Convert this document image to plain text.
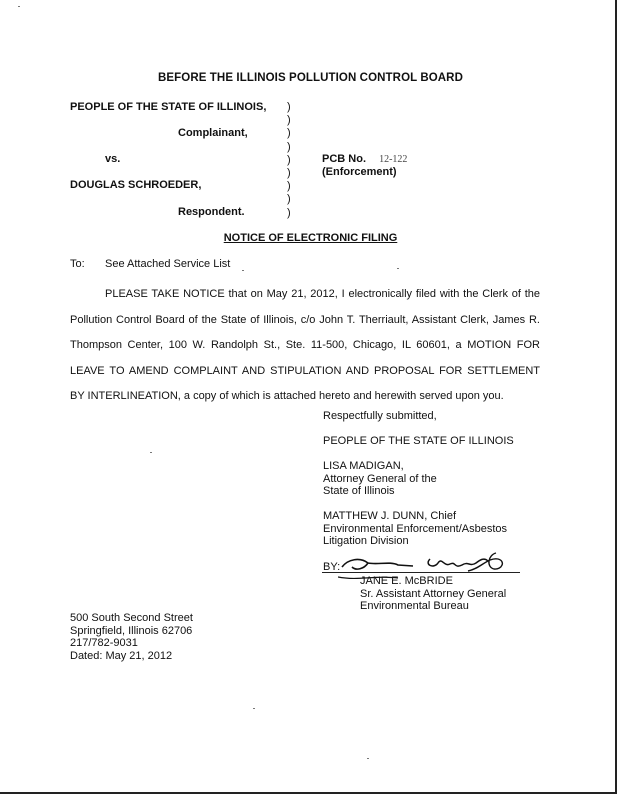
BEFORE THE ILLINOIS POLLUTION CONTROL BOARD
PEOPLE OF THE STATE OF ILLINOIS,
Complainant,
vs.
DOUGLAS SCHROEDER,
Respondent.
)
)
)
)
)
)
)
)
)
PCB No. 12-122
(Enforcement)
NOTICE OF ELECTRONIC FILING
To: See Attached Service List
PLEASE TAKE NOTICE that on May 21, 2012, I electronically filed with the Clerk of the Pollution Control Board of the State of Illinois, c/o John T. Therriault, Assistant Clerk, James R. Thompson Center, 100 W. Randolph St., Ste. 11-500, Chicago, IL 60601, a MOTION FOR LEAVE TO AMEND COMPLAINT AND STIPULATION AND PROPOSAL FOR SETTLEMENT BY INTERLINEATION, a copy of which is attached hereto and herewith served upon you.
Respectfully submitted,
PEOPLE OF THE STATE OF ILLINOIS
LISA MADIGAN,
Attorney General of the
State of Illinois
MATTHEW J. DUNN, Chief
Environmental Enforcement/Asbestos
Litigation Division
BY:
JANE E. McBRIDE
Sr. Assistant Attorney General
Environmental Bureau
500 South Second Street
Springfield, Illinois 62706
217/782-9031
Dated: May 21, 2012
